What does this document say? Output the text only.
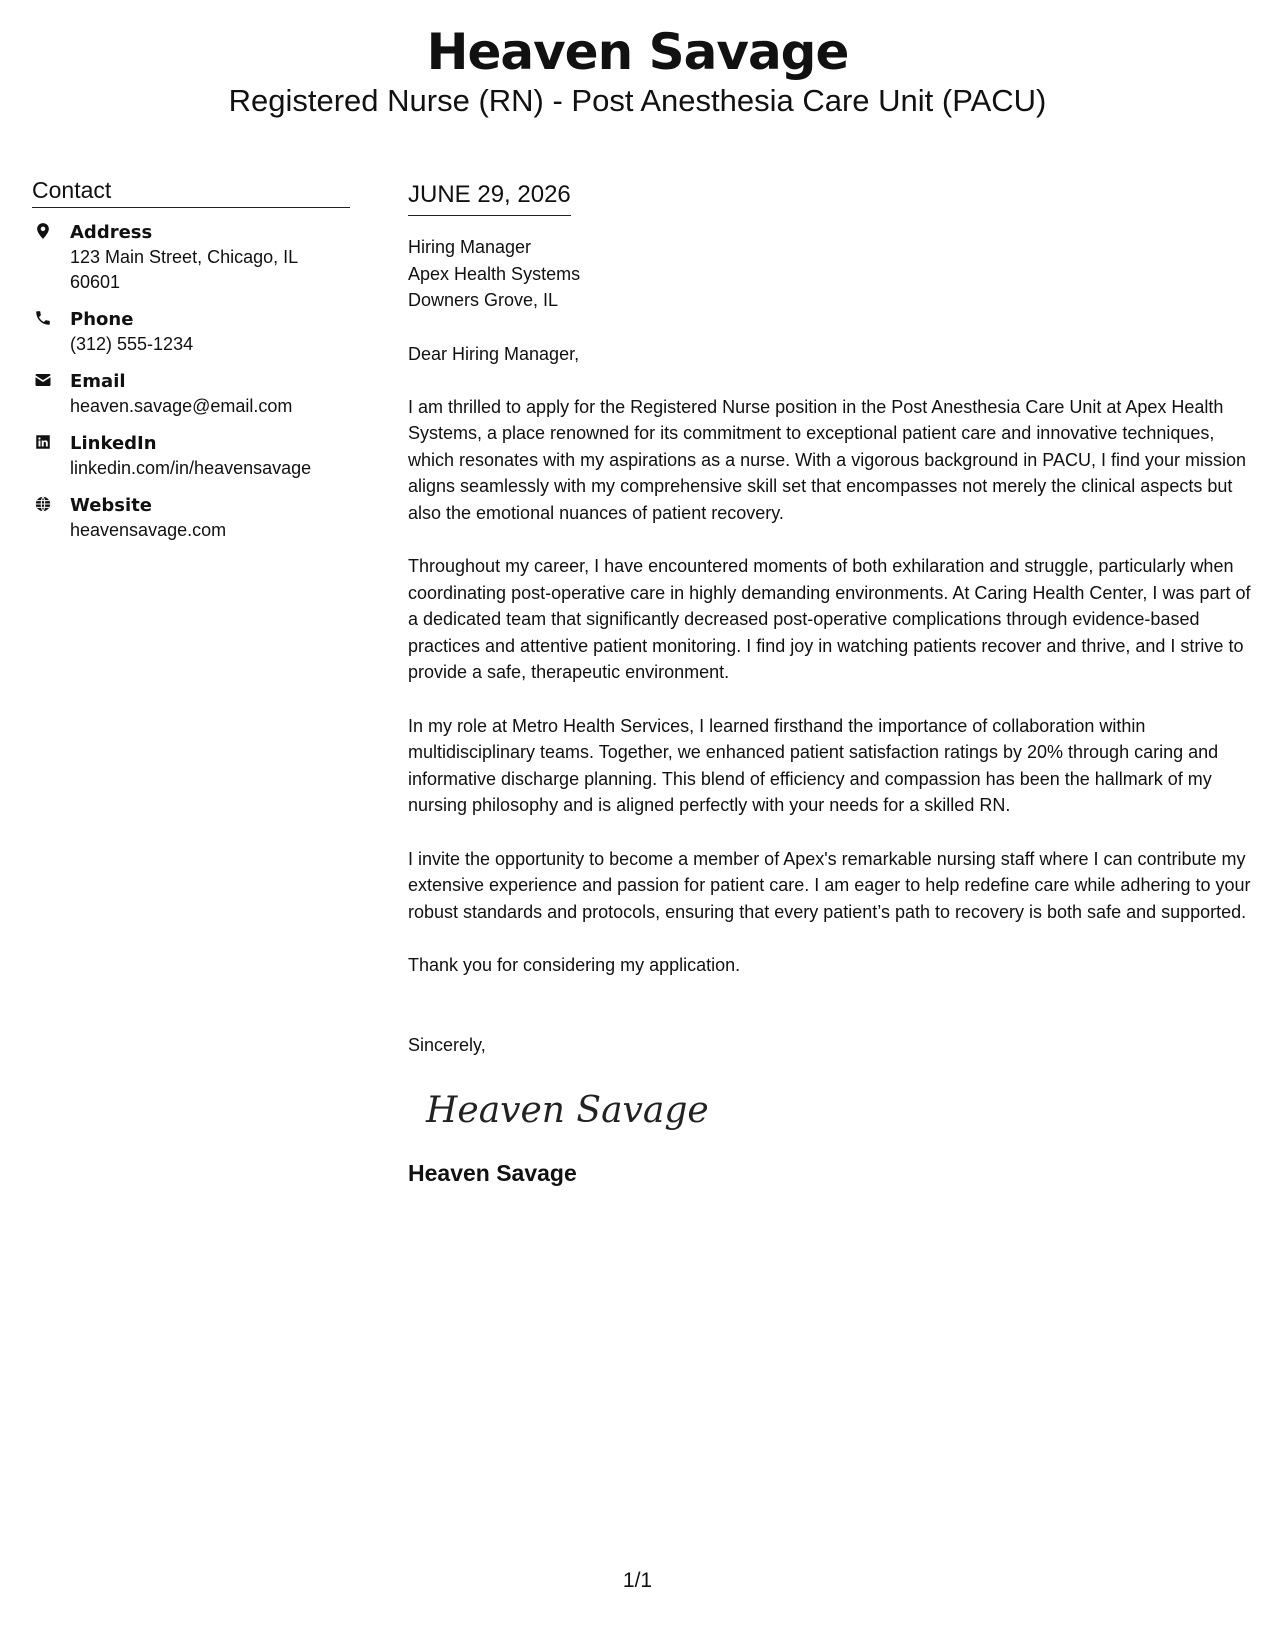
Heaven Savage
Registered Nurse (RN) - Post Anesthesia Care Unit (PACU)
Contact
Address
123 Main Street, Chicago, IL 60601
Phone
(312) 555-1234
Email
heaven.savage@email.com
LinkedIn
linkedin.com/in/heavensavage
Website
heavensavage.com
JUNE 29, 2026
Hiring Manager
Apex Health Systems
Downers Grove, IL
Dear Hiring Manager,

I am thrilled to apply for the Registered Nurse position in the Post Anesthesia Care Unit at Apex Health Systems, a place renowned for its commitment to exceptional patient care and innovative techniques, which resonates with my aspirations as a nurse. With a vigorous background in PACU, I find your mission aligns seamlessly with my comprehensive skill set that encompasses not merely the clinical aspects but also the emotional nuances of patient recovery.

Throughout my career, I have encountered moments of both exhilaration and struggle, particularly when coordinating post-operative care in highly demanding environments. At Caring Health Center, I was part of a dedicated team that significantly decreased post-operative complications through evidence-based practices and attentive patient monitoring. I find joy in watching patients recover and thrive, and I strive to provide a safe, therapeutic environment.

In my role at Metro Health Services, I learned firsthand the importance of collaboration within multidisciplinary teams. Together, we enhanced patient satisfaction ratings by 20% through caring and informative discharge planning. This blend of efficiency and compassion has been the hallmark of my nursing philosophy and is aligned perfectly with your needs for a skilled RN.

I invite the opportunity to become a member of Apex's remarkable nursing staff where I can contribute my extensive experience and passion for patient care. I am eager to help redefine care while adhering to your robust standards and protocols, ensuring that every patient’s path to recovery is both safe and supported.

Thank you for considering my application.

Sincerely,
Heaven Savage
Heaven Savage
1/1
